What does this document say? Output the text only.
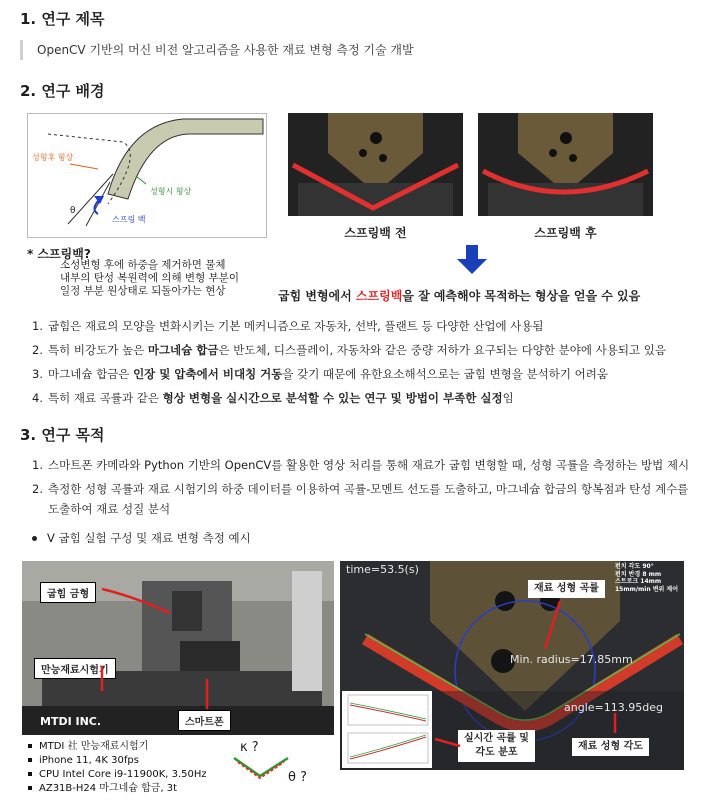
1. 연구 제목
OpenCV 기반의 머신 비전 알고리즘을 사용한 재료 변형 측정 기술 개발
2. 연구 배경
성형후 형상
성형시 형상
스프링 백
θ
* 스프링백?
소성변형 후에 하중을 제거하면 물체
내부의 탄성 복원력에 의해 변형 부분이
일정 부분 원상태로 되돌아가는 현상
스프링백 전	스프링백 후
굽힘 변형에서 스프링백을 잘 예측해야 목적하는 형상을 얻을 수 있음
1. 굽힘은 재료의 모양을 변화시키는 기본 메커니즘으로 자동차, 선박, 플랜트 등 다양한 산업에 사용됨
2. 특히 비강도가 높은 마그네슘 합금은 반도체, 디스플레이, 자동차와 같은 중량 저하가 요구되는 다양한 분야에 사용되고 있음
3. 마그네슘 합금은 인장 및 압축에서 비대칭 거동을 갖기 때문에 유한요소해석으로는 굽힘 변형을 분석하기 어려움
4. 특히 재료 곡률과 같은 형상 변형을 실시간으로 분석할 수 있는 연구 및 방법이 부족한 실정임
3. 연구 목적
1. 스마트폰 카메라와 Python 기반의 OpenCV를 활용한 영상 처리를 통해 재료가 굽힘 변형할 때, 성형 곡률을 측정하는 방법 제시
2. 측정한 성형 곡률과 재료 시험기의 하중 데이터를 이용하여 곡률-모멘트 선도를 도출하고, 마그네슘 합금의 항복점과 탄성 계수를
도출하여 재료 성질 분석
V 굽힘 실험 구성 및 재료 변형 측정 예시
MTDI INC.
굽힘 금형
만능재료시험기
스마트폰
MTDI 社 만능재료시험기
iPhone 11, 4K 30fps
CPU Intel Core i9-11900K, 3.50Hz
AZ31B-H24 마그네슘 합금, 3t
κ ?
θ ?
time=53.5(s)	펀치 각도 90°
펀치 반경 8 mm
스트로크 14mm
15mm/min 변위 제어
Min. radius=17.85mm
angle=113.95deg
재료 성형 곡률
실시간 곡률 및
각도 분포
재료 성형 각도
